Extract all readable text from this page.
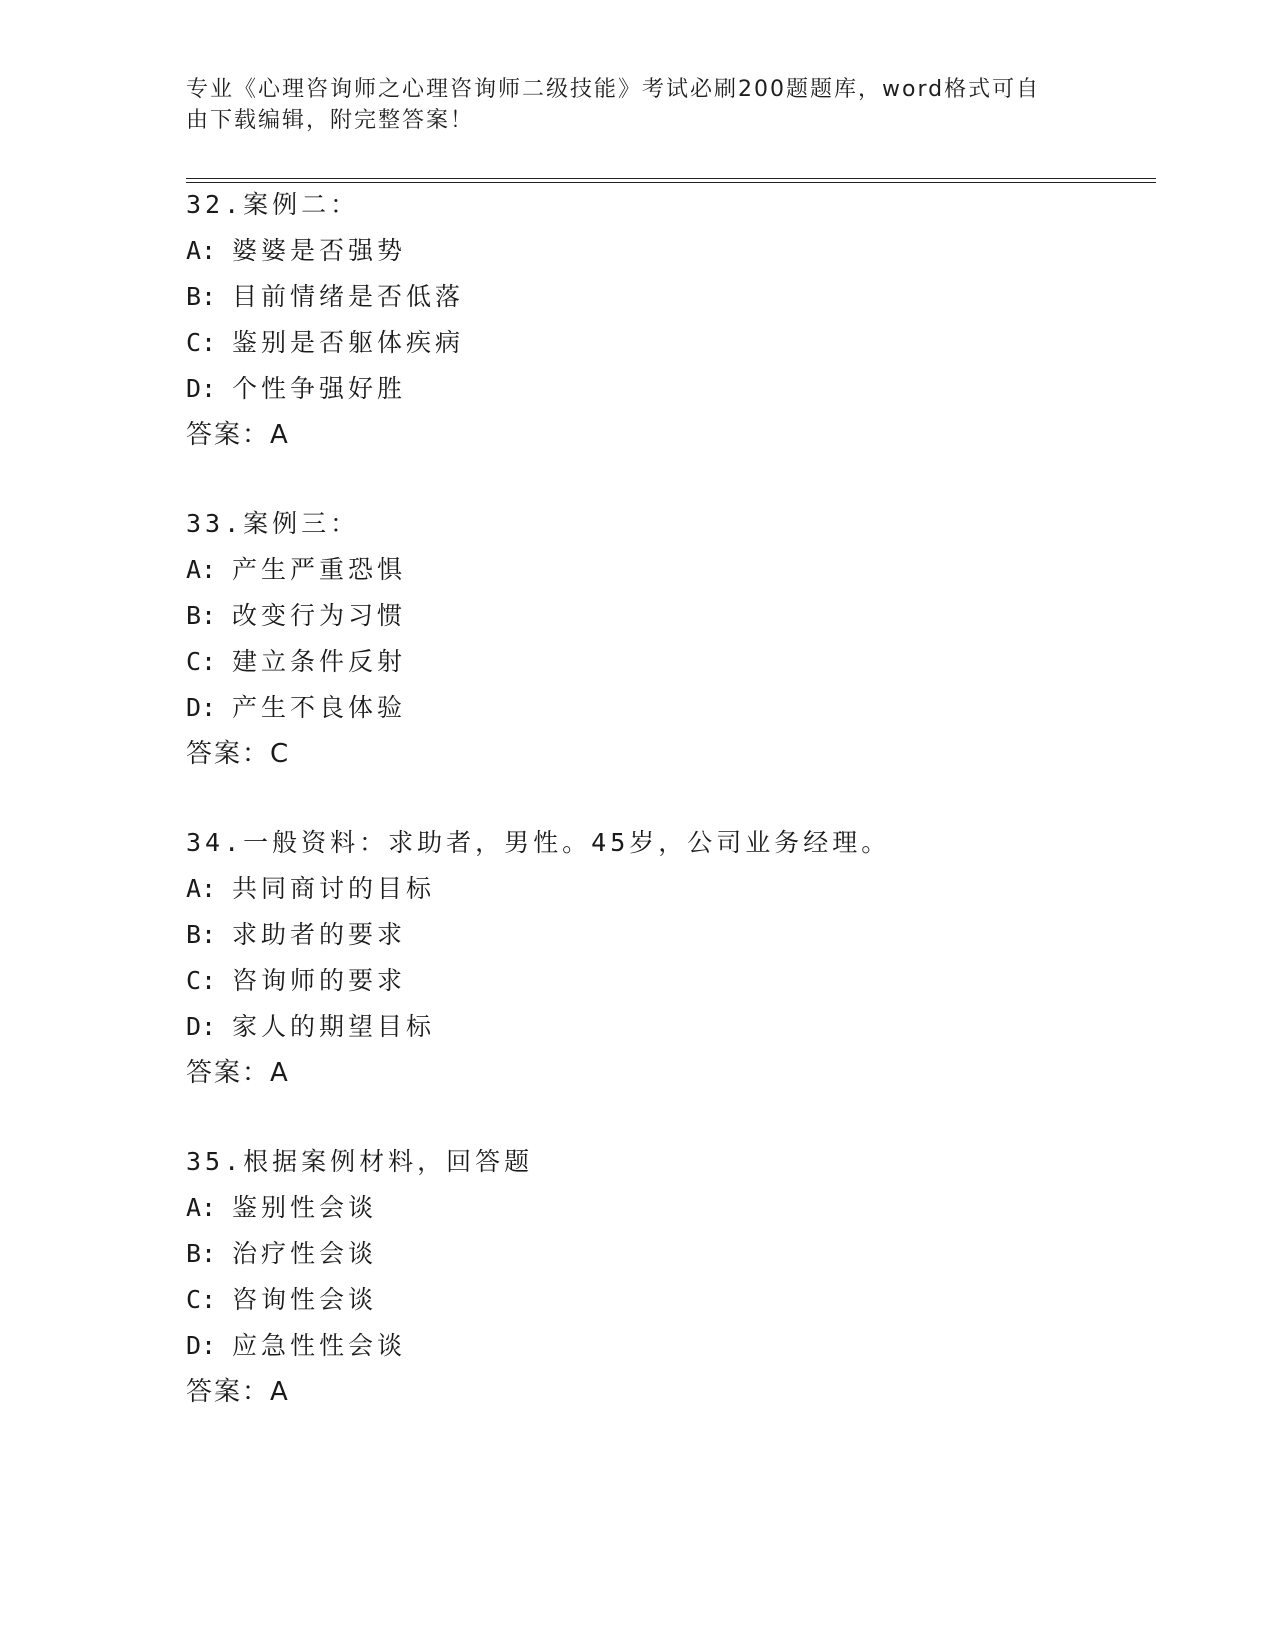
专业《心理咨询师之心理咨询师二级技能》考试必刷200题题库，word格式可自
由下载编辑，附完整答案！
32.案例二：
A: 婆婆是否强势
B: 目前情绪是否低落
C: 鉴别是否躯体疾病
D: 个性争强好胜
答案：A
33.案例三：
A: 产生严重恐惧
B: 改变行为习惯
C: 建立条件反射
D: 产生不良体验
答案：C
34.一般资料：求助者，男性。45岁，公司业务经理。
A: 共同商讨的目标
B: 求助者的要求
C: 咨询师的要求
D: 家人的期望目标
答案：A
35.根据案例材料，回答题
A: 鉴别性会谈
B: 治疗性会谈
C: 咨询性会谈
D: 应急性性会谈
答案：A
